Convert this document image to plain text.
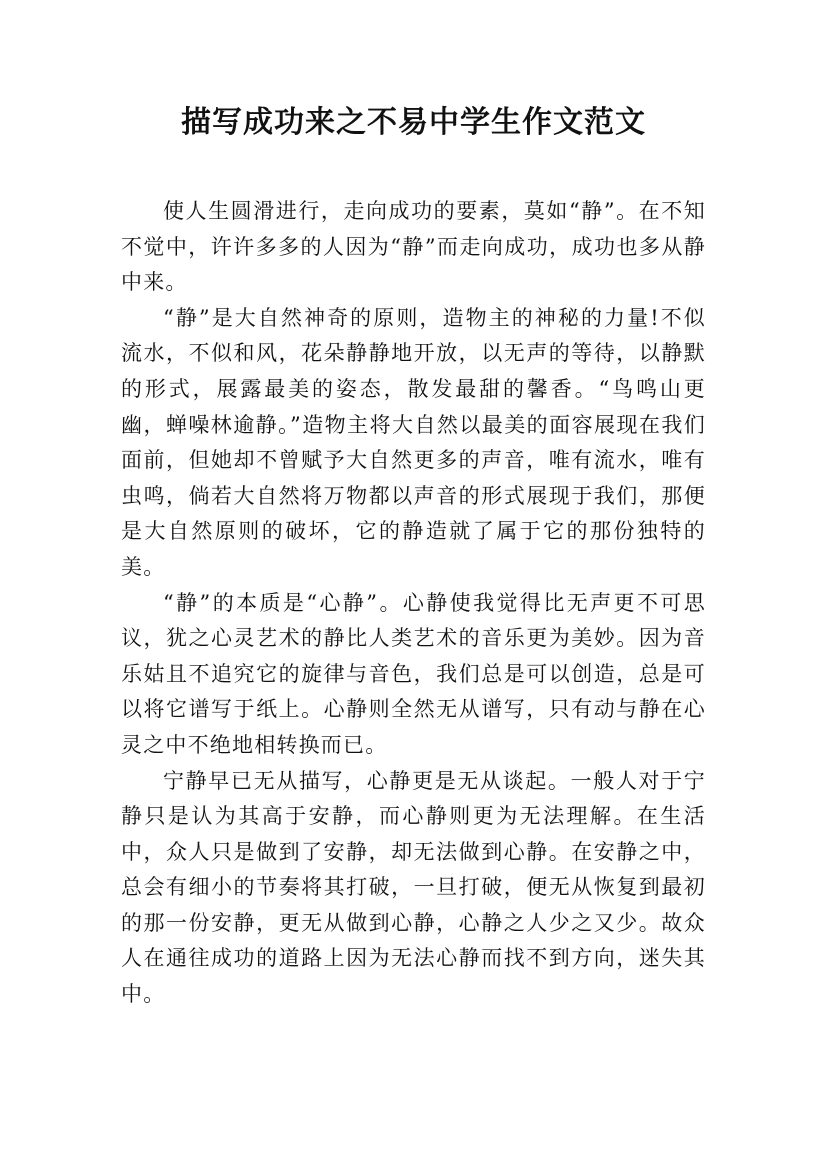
描写成功来之不易中学生作文范文

使人生圆滑进行，走向成功的要素，莫如“静”。在不知不觉中，许许多多的人因为“静”而走向成功，成功也多从静中来。

“静”是大自然神奇的原则，造物主的神秘的力量!不似流水，不似和风，花朵静静地开放，以无声的等待，以静默的形式，展露最美的姿态，散发最甜的馨香。“鸟鸣山更幽，蝉噪林逾静。”造物主将大自然以最美的面容展现在我们面前，但她却不曾赋予大自然更多的声音，唯有流水，唯有虫鸣，倘若大自然将万物都以声音的形式展现于我们，那便是大自然原则的破坏，它的静造就了属于它的那份独特的美。

“静”的本质是“心静”。心静使我觉得比无声更不可思议，犹之心灵艺术的静比人类艺术的音乐更为美妙。因为音乐姑且不追究它的旋律与音色，我们总是可以创造，总是可以将它谱写于纸上。心静则全然无从谱写，只有动与静在心灵之中不绝地相转换而已。

宁静早已无从描写，心静更是无从谈起。一般人对于宁静只是认为其高于安静，而心静则更为无法理解。在生活中，众人只是做到了安静，却无法做到心静。在安静之中，总会有细小的节奏将其打破，一旦打破，便无从恢复到最初的那一份安静，更无从做到心静，心静之人少之又少。故众人在通往成功的道路上因为无法心静而找不到方向，迷失其中。
